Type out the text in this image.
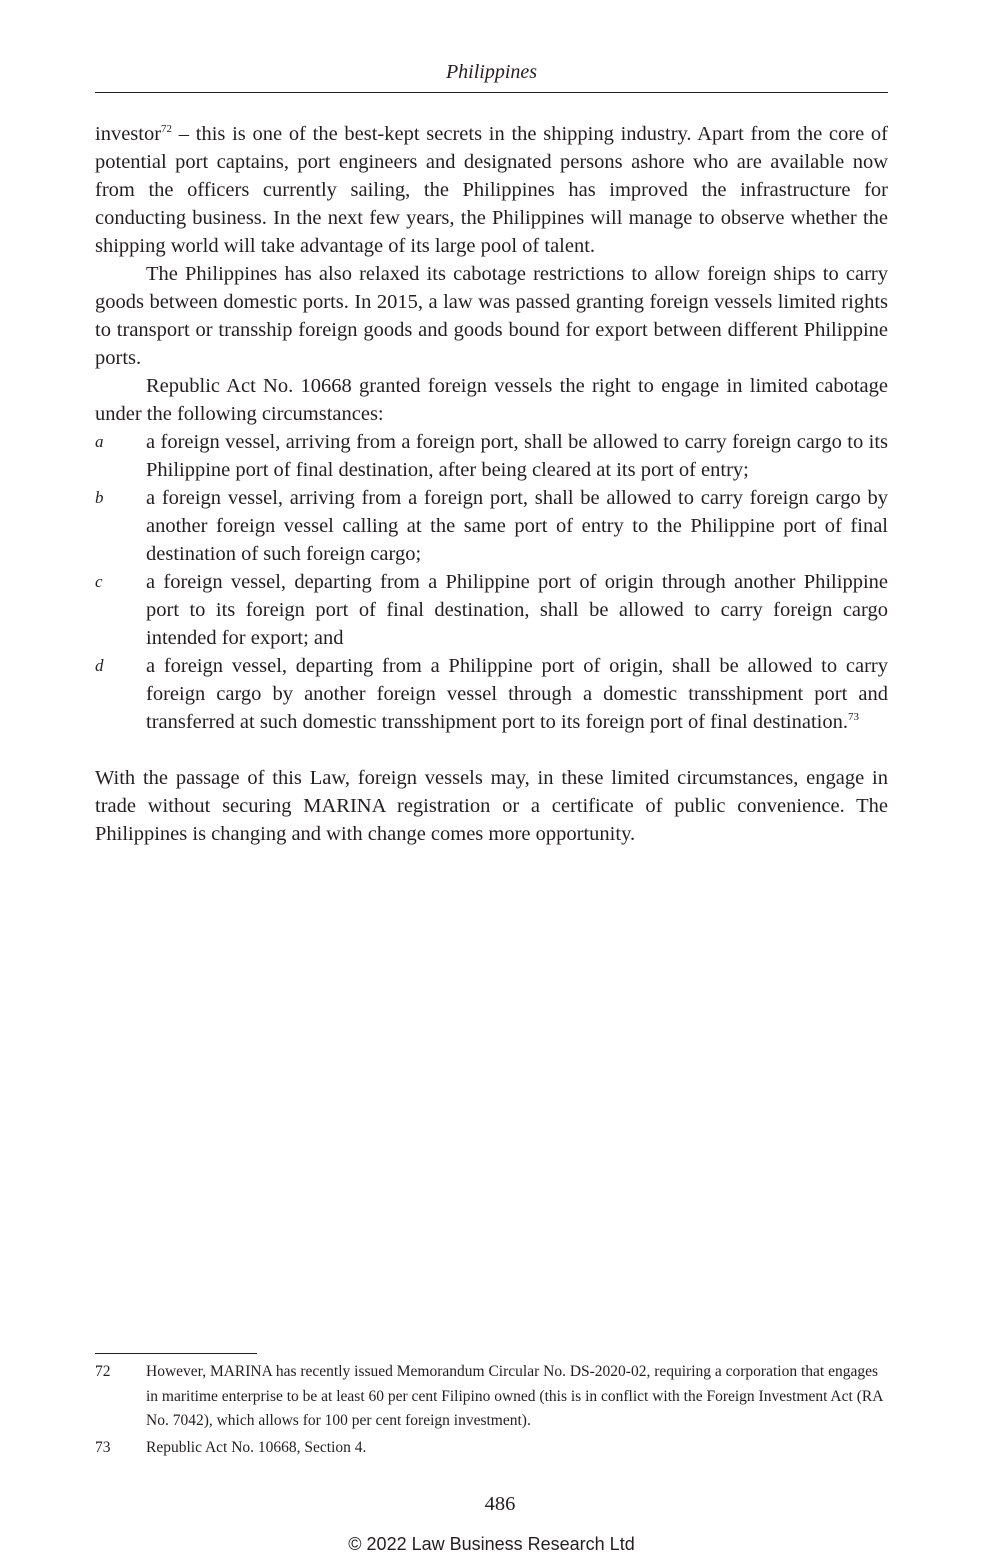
Philippines

investor$^{72}$ – this is one of the best-kept secrets in the shipping industry. Apart from the core of potential port captains, port engineers and designated persons ashore who are available now from the officers currently sailing, the Philippines has improved the infrastructure for conducting business. In the next few years, the Philippines will manage to observe whether the shipping world will take advantage of its large pool of talent.

The Philippines has also relaxed its cabotage restrictions to allow foreign ships to carry goods between domestic ports. In 2015, a law was passed granting foreign vessels limited rights to transport or transship foreign goods and goods bound for export between different Philippine ports.

Republic Act No. 10668 granted foreign vessels the right to engage in limited cabotage under the following circumstances:

a	a foreign vessel, arriving from a foreign port, shall be allowed to carry foreign cargo to its Philippine port of final destination, after being cleared at its port of entry;
b	a foreign vessel, arriving from a foreign port, shall be allowed to carry foreign cargo by another foreign vessel calling at the same port of entry to the Philippine port of final destination of such foreign cargo;
c	a foreign vessel, departing from a Philippine port of origin through another Philippine port to its foreign port of final destination, shall be allowed to carry foreign cargo intended for export; and
d	a foreign vessel, departing from a Philippine port of origin, shall be allowed to carry foreign cargo by another foreign vessel through a domestic transshipment port and transferred at such domestic transshipment port to its foreign port of final destination.$^{73}$

With the passage of this Law, foreign vessels may, in these limited circumstances, engage in trade without securing MARINA registration or a certificate of public convenience. The Philippines is changing and with change comes more opportunity.

72	However, MARINA has recently issued Memorandum Circular No. DS-2020-02, requiring a corporation that engages in maritime enterprise to be at least 60 per cent Filipino owned (this is in conflict with the Foreign Investment Act (RA No. 7042), which allows for 100 per cent foreign investment).
73	Republic Act No. 10668, Section 4.
486
© 2022 Law Business Research Ltd
